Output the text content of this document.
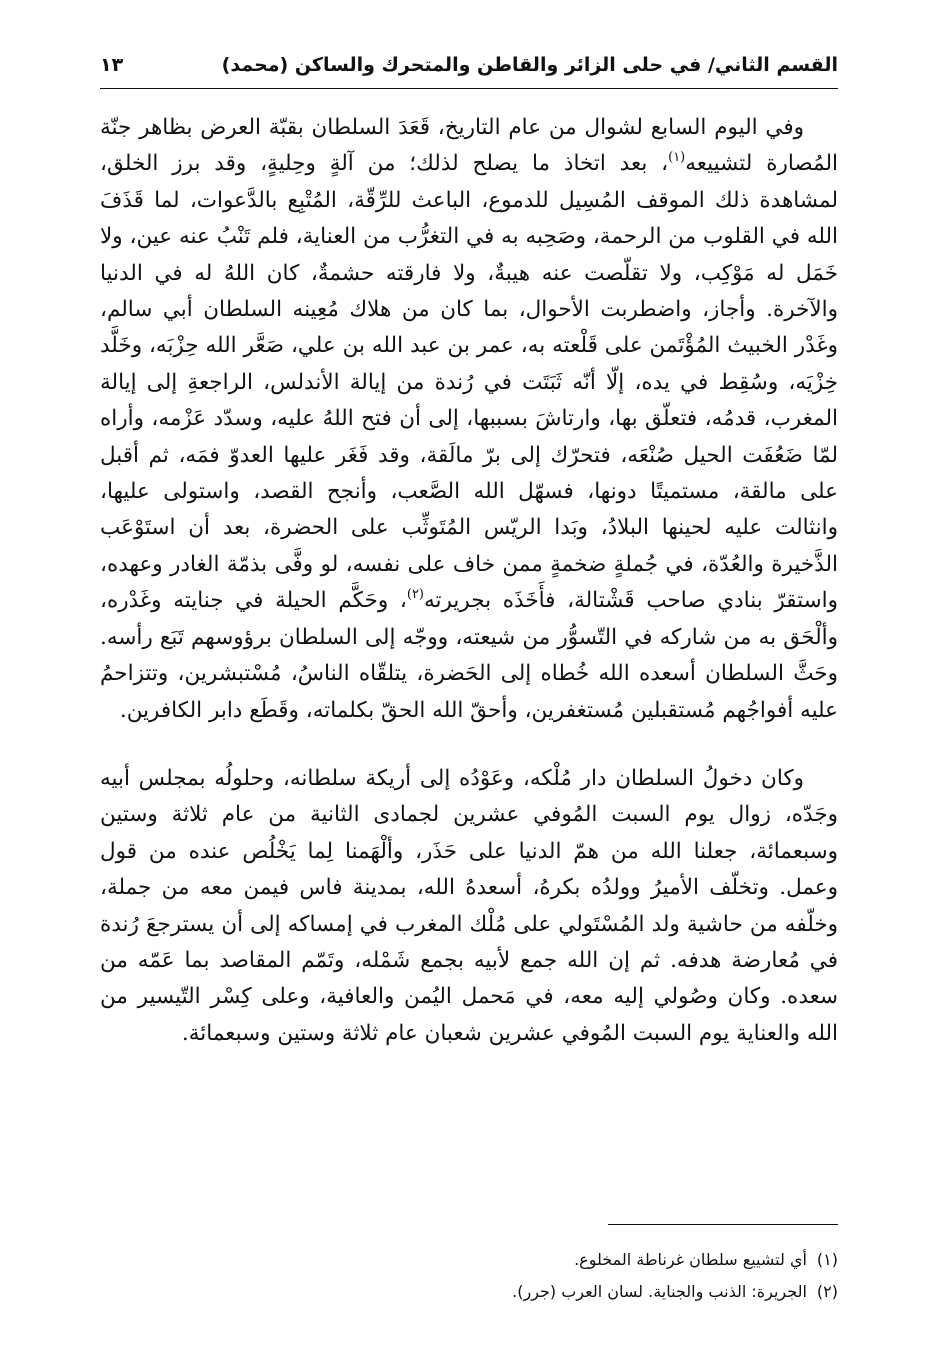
القسم الثاني/ في حلى الزائر والقاطن والمتحرك والساكن (محمد)
١٣

وفي اليوم السابع لشوال من عام التاريخ، قَعَدَ السلطان بقبّة العرض بظاهر جنّة المُصارة لتشييعه$^{(١)}$، بعد اتخاذ ما يصلح لذلك؛ من آلةٍ وحِليةٍ، وقد برز الخلق، لمشاهدة ذلك الموقف المُسِيل للدموع، الباعث للرِّقّة، المُتْبِع بالدَّعوات، لما قَذَفَ الله في القلوب من الرحمة، وصَحِبه به في التغرُّب من العناية، فلم تَنْبُ عنه عين، ولا خَمَل له مَوْكِب، ولا تقلّصت عنه هيبةٌ، ولا فارقته حشمةٌ، كان اللهُ له في الدنيا والآخرة. وأجاز، واضطربت الأحوال، بما كان من هلاك مُعِينه السلطان أبي سالم، وغَدْر الخبيث المُؤْتَمن على قَلْعته به، عمر بن عبد الله بن علي، صَعَّر الله حِزْبَه، وخَلَّد خِزْيَه، وسُقِط في يده، إلّا أنّه ثَبَتَت في رُندة من إيالة الأندلس، الراجعةِ إلى إيالة المغرب، قدمُه، فتعلّق بها، وارتاشَ بسببها، إلى أن فتح اللهُ عليه، وسدّد عَزْمه، وأراه لمّا ضَعُفَت الحيل صُنْعَه، فتحرّك إلى برّ مالَقة، وقد فَغَر عليها العدوّ فمَه، ثم أقبل على مالقة، مستميتًا دونها، فسهّل الله الصَّعب، وأنجح القصد، واستولى عليها، وانثالت عليه لحينها البلادُ، وبَدا الريّس المُتَوثِّب على الحضرة، بعد أن استَوْعَب الذَّخيرة والعُدّة، في جُملةٍ ضخمةٍ ممن خاف على نفسه، لو وفَّى بذمّة الغادر وعهده، واستقرّ بنادي صاحب قَشْتالة، فأَخَذَه بجريرته$^{(٢)}$، وحَكَّم الحيلة في جنايته وغَدْره، وألْحَق به من شاركه في التّسوُّر من شيعته، ووجّه إلى السلطان برؤوسهم تَبَع رأسه. وحَثَّ السلطان أسعده الله خُطاه إلى الحَضرة، يتلقّاه الناسُ، مُسْتبشرين، وتتزاحمُ عليه أفواجُهم مُستقبلين مُستغفرين، وأحقّ الله الحقّ بكلماته، وقَطَع دابر الكافرين.

وكان دخولُ السلطان دار مُلْكه، وعَوْدُه إلى أريكة سلطانه، وحلولُه بمجلس أبيه وجَدّه، زوال يوم السبت المُوفي عشرين لجمادى الثانية من عام ثلاثة وستين وسبعمائة، جعلنا الله من همّ الدنيا على حَذَر، وألْهَمنا لِما يَخْلُص عنده من قول وعمل. وتخلّف الأميرُ وولدُه بكرهُ، أسعدهُ الله، بمدينة فاس فيمن معه من جملة، وخلّفه من حاشية ولد المُسْتَولي على مُلْك المغرب في إمساكه إلى أن يسترجعَ رُندة في مُعارضة هدفه. ثم إن الله جمع لأبيه بجمع شَمْله، وتَمّم المقاصد بما عَمّه من سعده. وكان وصُولي إليه معه، في مَحمل اليُمن والعافية، وعلى كِسْر التّيسير من الله والعناية يوم السبت المُوفي عشرين شعبان عام ثلاثة وستين وسبعمائة.

(١)
أي لتشييع سلطان غرناطة المخلوع.
(٢)
الجريرة: الذنب والجناية. لسان العرب (جرر).
